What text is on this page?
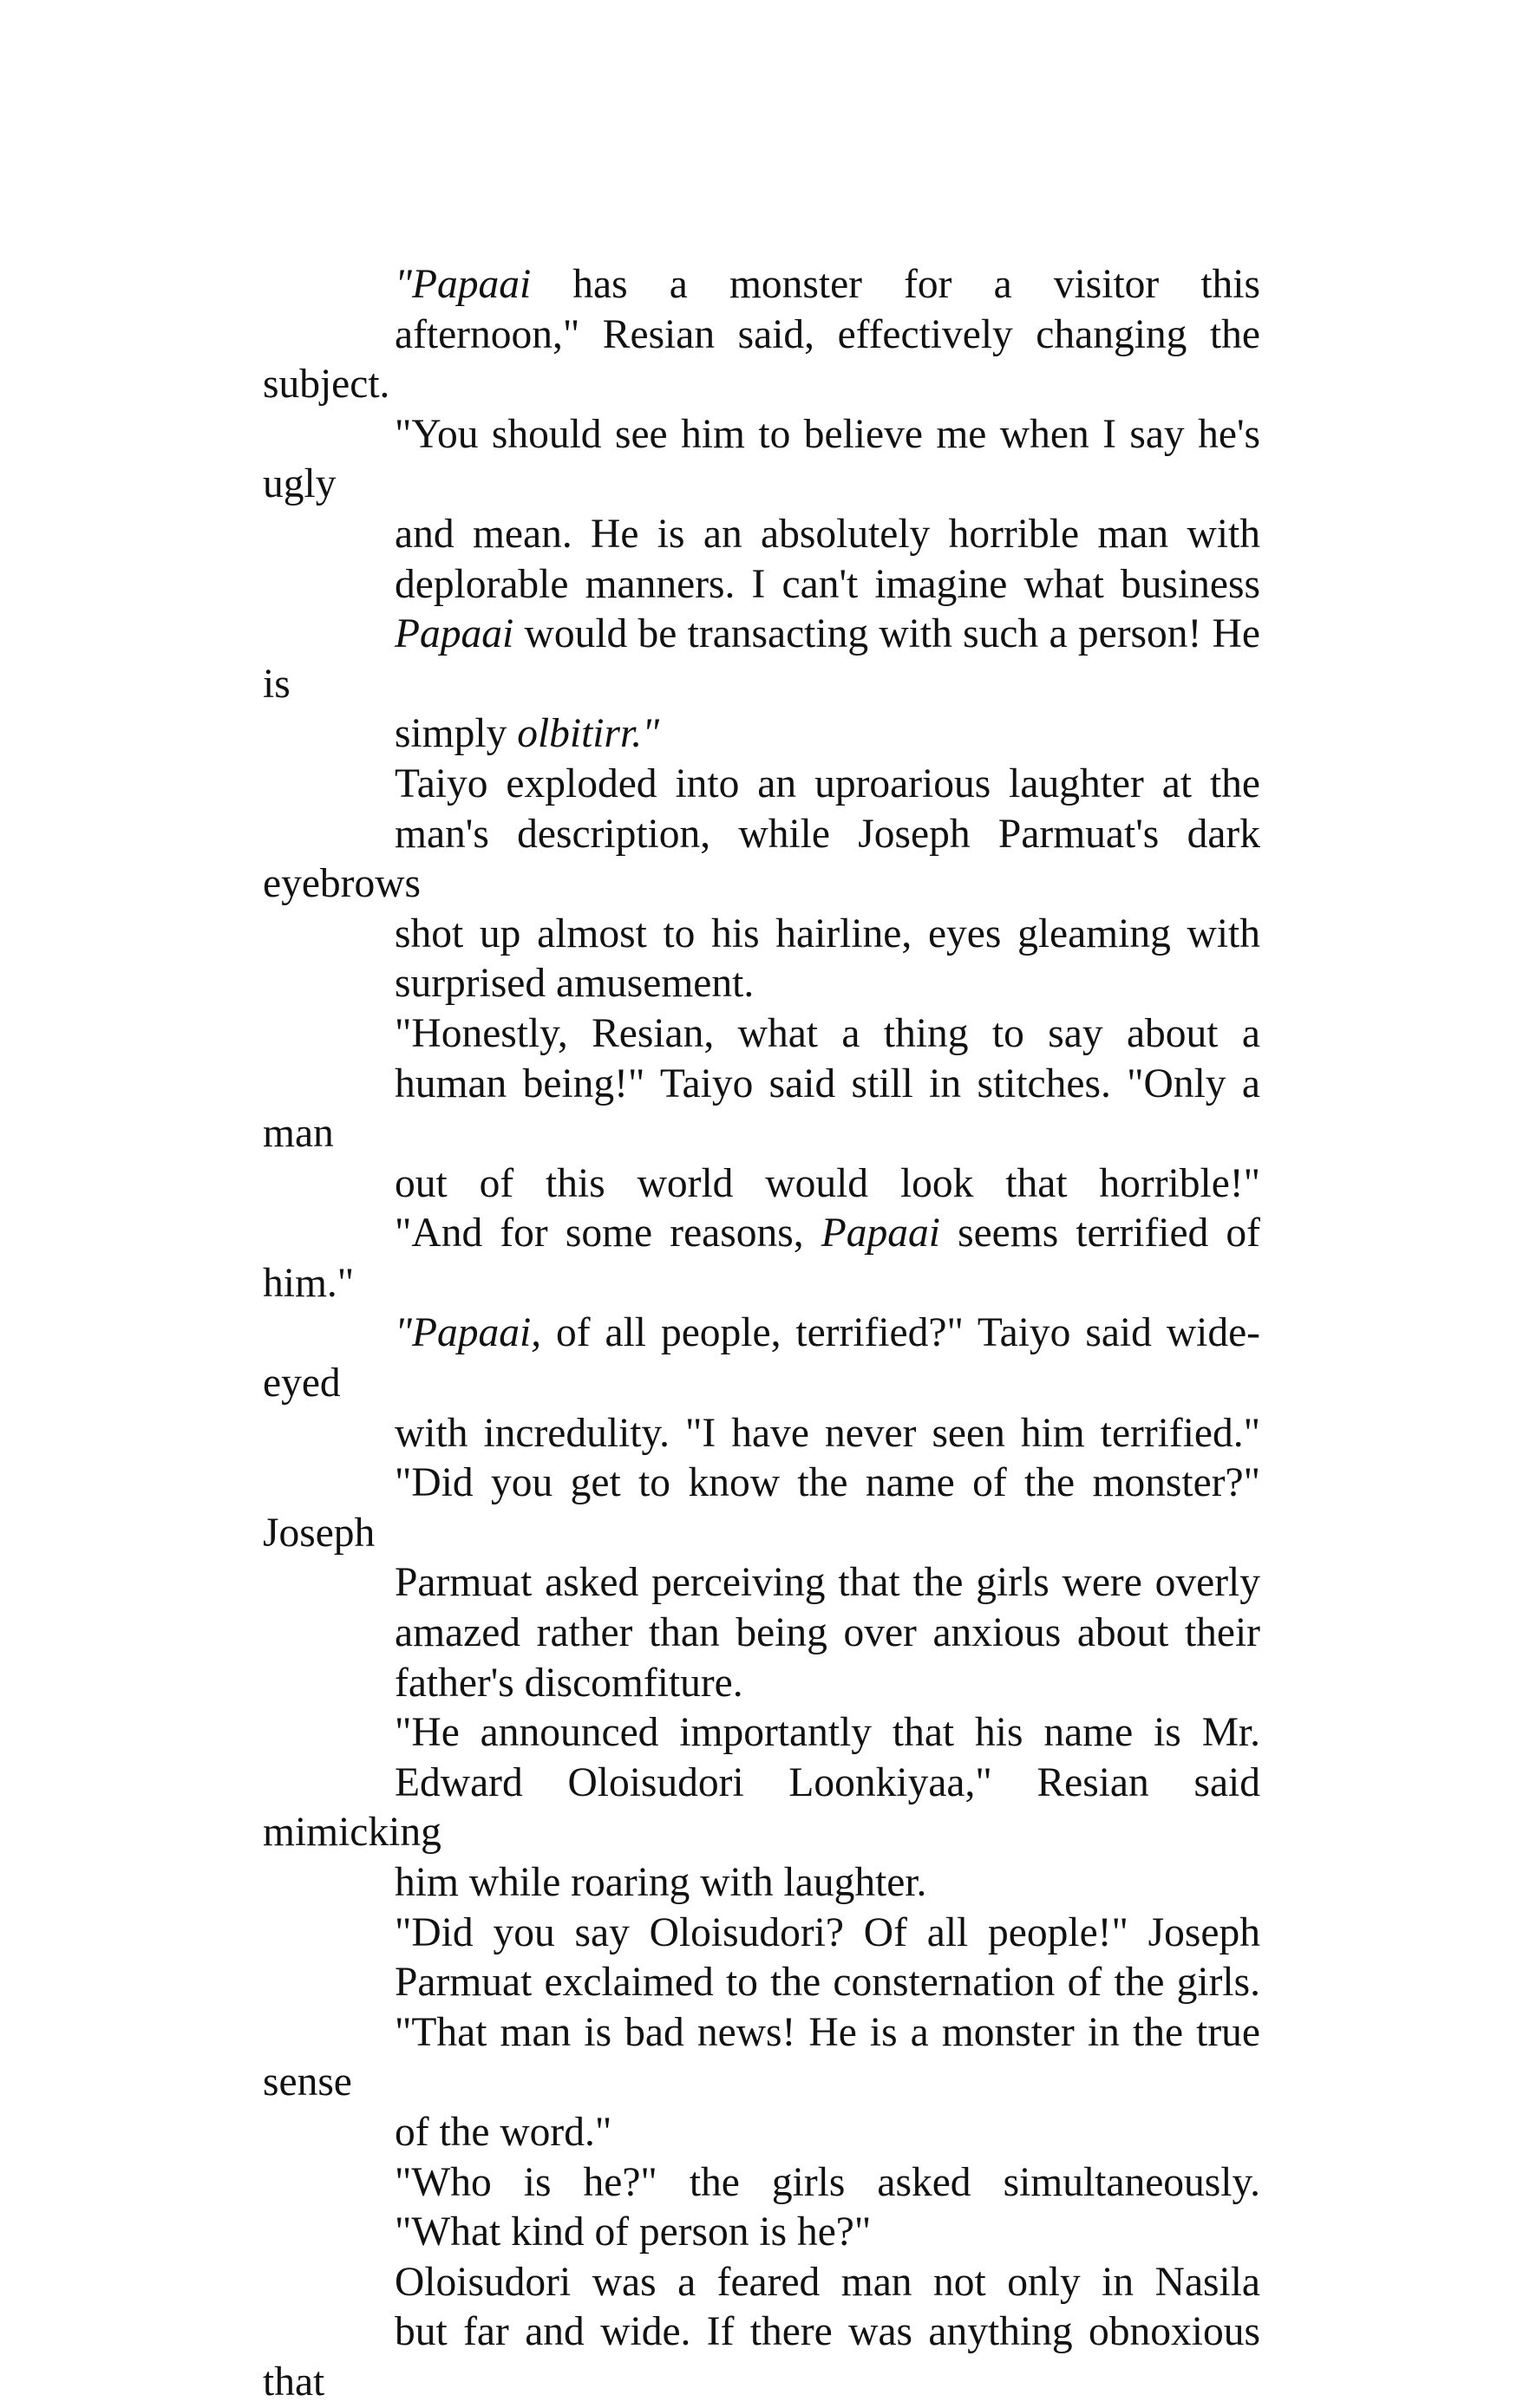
"Papaai has a monster for a visitor this
afternoon," Resian said, effectively changing the subject.
"You should see him to believe me when I say he's ugly
and mean. He is an absolutely horrible man with
deplorable manners. I can't imagine what business
Papaai would be transacting with such a person! He is
simply olbitirr."
Taiyo exploded into an uproarious laughter at the
man's description, while Joseph Parmuat's dark eyebrows
shot up almost to his hairline, eyes gleaming with
surprised amusement.
"Honestly, Resian, what a thing to say about a
human being!" Taiyo said still in stitches. "Only a man
out of this world would look that horrible!"
"And for some reasons, Papaai seems terrified of him."
"Papaai, of all people, terrified?" Taiyo said wide-eyed
with incredulity. "I have never seen him terrified."
"Did you get to know the name of the monster?" Joseph
Parmuat asked perceiving that the girls were overly
amazed rather than being over anxious about their
father's discomfiture.
"He announced importantly that his name is Mr.
Edward Oloisudori Loonkiyaa," Resian said mimicking
him while roaring with laughter.
"Did you say Oloisudori? Of all people!" Joseph
Parmuat exclaimed to the consternation of the girls.
"That man is bad news! He is a monster in the true sense
of the word."
"Who is he?" the girls asked simultaneously.
"What kind of person is he?"
Oloisudori was a feared man not only in Nasila
but far and wide. If there was anything obnoxious that
